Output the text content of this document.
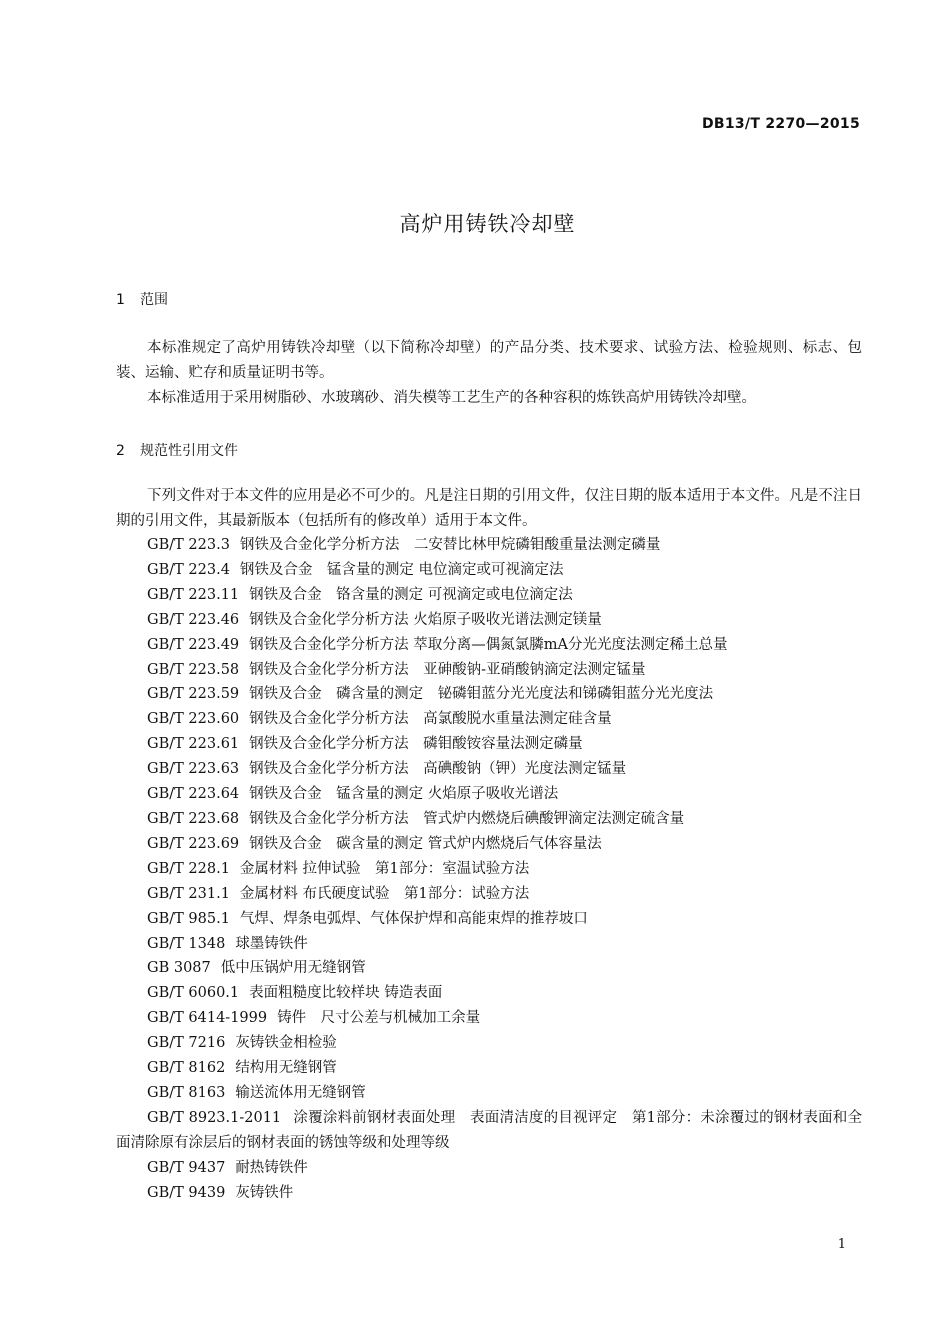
DB13/T 2270—2015
高炉用铸铁冷却壁
1 范围

本标准规定了高炉用铸铁冷却壁（以下简称冷却壁）的产品分类、技术要求、试验方法、检验规则、标志、包装、运输、贮存和质量证明书等。

本标准适用于采用树脂砂、水玻璃砂、消失模等工艺生产的各种容积的炼铁高炉用铸铁冷却壁。

2 规范性引用文件

下列文件对于本文件的应用是必不可少的。凡是注日期的引用文件，仅注日期的版本适用于本文件。凡是不注日期的引用文件，其最新版本（包括所有的修改单）适用于本文件。

GB/T 223.3 钢铁及合金化学分析方法　二安替比林甲烷磷钼酸重量法测定磷量
GB/T 223.4 钢铁及合金　锰含量的测定 电位滴定或可视滴定法
GB/T 223.11 钢铁及合金　铬含量的测定 可视滴定或电位滴定法
GB/T 223.46 钢铁及合金化学分析方法 火焰原子吸收光谱法测定镁量
GB/T 223.49 钢铁及合金化学分析方法 萃取分离—偶氮氯膦mA分光光度法测定稀土总量
GB/T 223.58 钢铁及合金化学分析方法　亚砷酸钠-亚硝酸钠滴定法测定锰量
GB/T 223.59 钢铁及合金　磷含量的测定　铋磷钼蓝分光光度法和锑磷钼蓝分光光度法
GB/T 223.60 钢铁及合金化学分析方法　高氯酸脱水重量法测定硅含量
GB/T 223.61 钢铁及合金化学分析方法　磷钼酸铵容量法测定磷量
GB/T 223.63 钢铁及合金化学分析方法　高碘酸钠（钾）光度法测定锰量
GB/T 223.64 钢铁及合金　锰含量的测定 火焰原子吸收光谱法
GB/T 223.68 钢铁及合金化学分析方法　管式炉内燃烧后碘酸钾滴定法测定硫含量
GB/T 223.69 钢铁及合金　碳含量的测定 管式炉内燃烧后气体容量法
GB/T 228.1 金属材料 拉伸试验　第1部分：室温试验方法
GB/T 231.1 金属材料 布氏硬度试验　第1部分：试验方法
GB/T 985.1 气焊、焊条电弧焊、气体保护焊和高能束焊的推荐坡口
GB/T 1348 球墨铸铁件
GB 3087 低中压锅炉用无缝钢管
GB/T 6060.1 表面粗糙度比较样块 铸造表面
GB/T 6414-1999 铸件　尺寸公差与机械加工余量
GB/T 7216 灰铸铁金相检验
GB/T 8162 结构用无缝钢管
GB/T 8163 输送流体用无缝钢管
GB/T 8923.1-2011 涂覆涂料前钢材表面处理　表面清洁度的目视评定　第1部分：未涂覆过的钢材表面和全面清除原有涂层后的钢材表面的锈蚀等级和处理等级
GB/T 9437 耐热铸铁件
GB/T 9439 灰铸铁件
1
